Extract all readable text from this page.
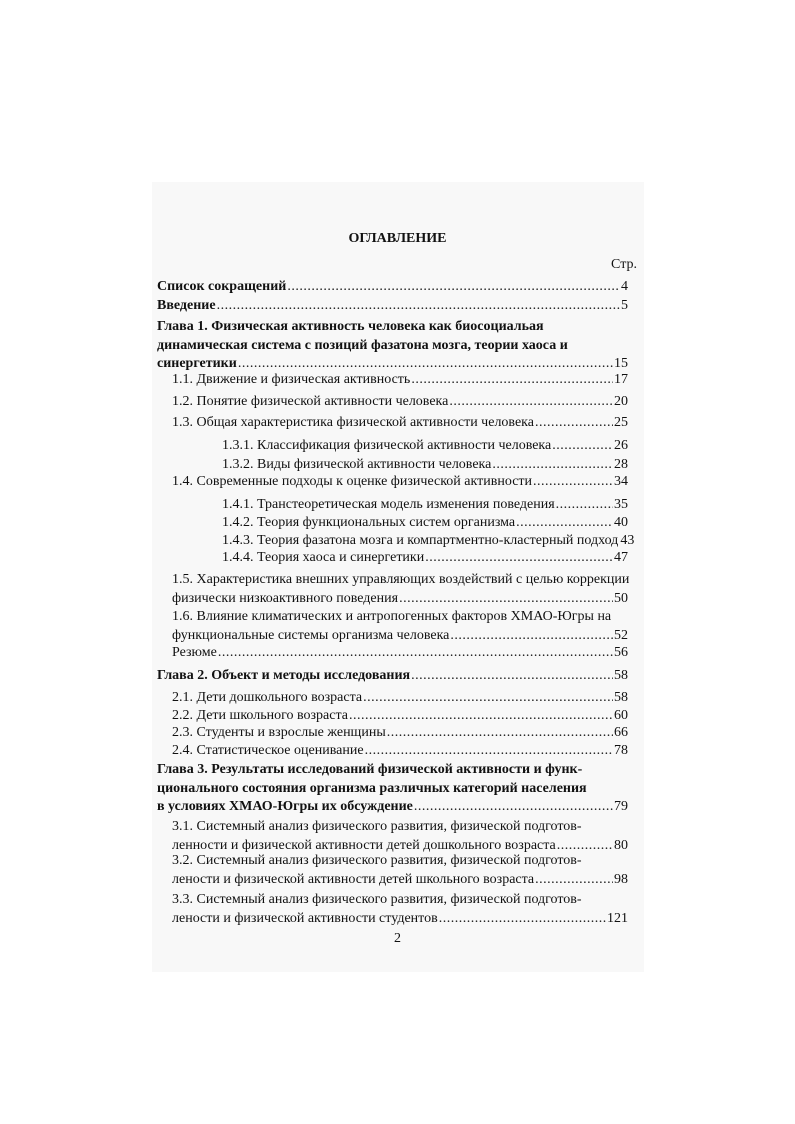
ОГЛАВЛЕНИЕ
Стр.
Список сокращений .....	4
Введение .....	5
Глава 1. Физическая активность человека как биосоциальая
динамическая система с позиций фазатона мозга, теории хаоса и
синергетики .....	15
1.1. Движение и физическая активность .....	17
1.2. Понятие физической активности человека .....	20
1.3. Общая характеристика физической активности человека .....	25
1.3.1. Классификация физической активности человека .....	26
1.3.2. Виды физической активности человека .....	28
1.4. Современные подходы к оценке физической активности .....	34
1.4.1. Транстеоретическая модель изменения поведения .....	35
1.4.2. Теория функциональных систем организма .....	40
1.4.3. Теория фазатона мозга и компартментно-кластерный подход 43
1.4.4. Теория хаоса и синергетики .....	47
1.5. Характеристика внешних управляющих воздействий с целью коррекции
физически низкоактивного поведения .....	50
1.6. Влияние климатических и антропогенных факторов ХМАО-Югры на
функциональные системы организма человека .....	52
Резюме .....	56
Глава 2. Объект и методы исследования .....	58
2.1. Дети дошкольного возраста .....	58
2.2. Дети школьного возраста .....	60
2.3. Студенты и взрослые женщины .....	66
2.4. Статистическое оценивание .....	78
Глава 3. Результаты исследований физической активности и функ-
ционального состояния организма различных категорий населения
в условиях ХМАО-Югры их обсуждение .....	79
3.1. Системный анализ физического развития, физической подготов-
ленности и физической активности детей дошкольного возраста .....	80
3.2. Системный анализ физического развития, физической подготов-
лености и физической активности детей школьного возраста .....	98
3.3. Системный анализ физического развития, физической подготов-
лености и физической активности студентов .....	121
2
